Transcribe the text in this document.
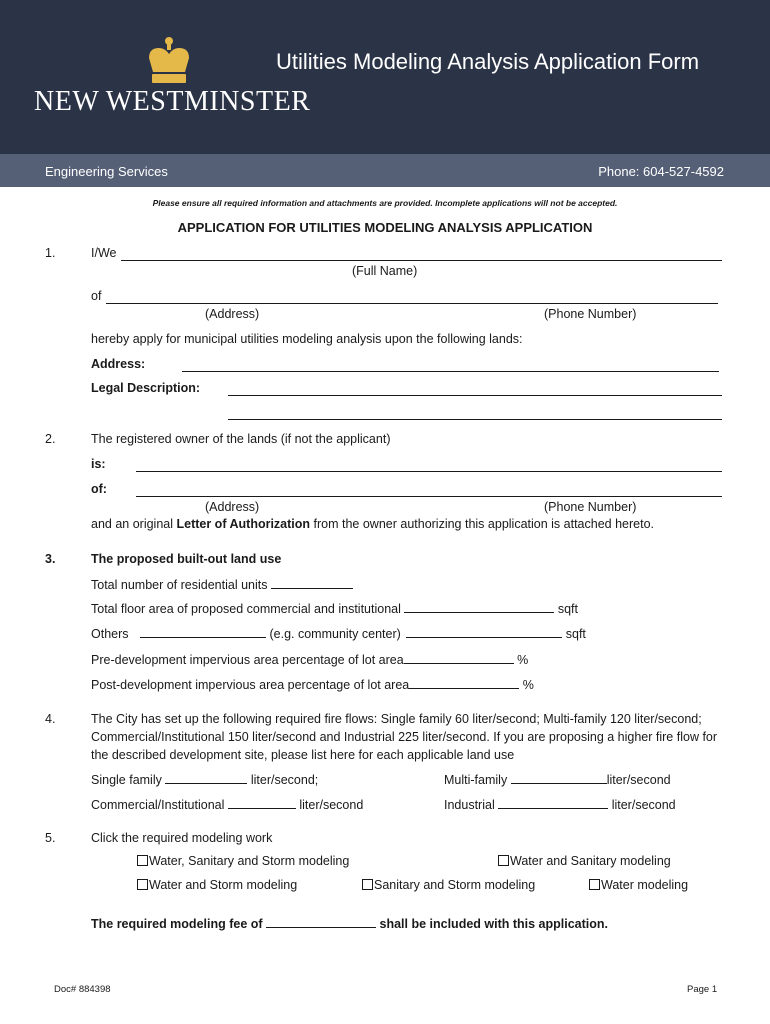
NEW WESTMINSTER
Utilities Modeling Analysis Application Form
Engineering Services	Phone: 604-527-4592
Please ensure all required information and attachments are provided. Incomplete applications will not be accepted.
APPLICATION FOR UTILITIES MODELING ANALYSIS APPLICATION
1.	I/We
(Full Name)
of
(Address)	(Phone Number)
hereby apply for municipal utilities modeling analysis upon the following lands:
Address:
Legal Description:
2.	The registered owner of the lands (if not the applicant)
is:
of:
(Address)	(Phone Number)
and an original Letter of Authorization from the owner authorizing this application is attached hereto.
3.	The proposed built-out land use
Total number of residential units
Total floor area of proposed commercial and institutional	sqft
Others	(e.g. community center)	sqft
Pre-development impervious area percentage of lot area	%
Post-development impervious area percentage of lot area	%
4.	The City has set up the following required fire flows: Single family 60 liter/second; Multi-family 120 liter/second; Commercial/Institutional 150 liter/second and Industrial 225 liter/second. If you are proposing a higher fire flow for the described development site, please list here for each applicable land use
Single family	liter/second;	Multi-family	liter/second
Commercial/Institutional	liter/second	Industrial	liter/second
5.	Click the required modeling work
Water, Sanitary and Storm modeling	Water and Sanitary modeling
Water and Storm modeling	Sanitary and Storm modeling	Water modeling
The required modeling fee of	shall be included with this application.
Doc# 884398	Page 1
